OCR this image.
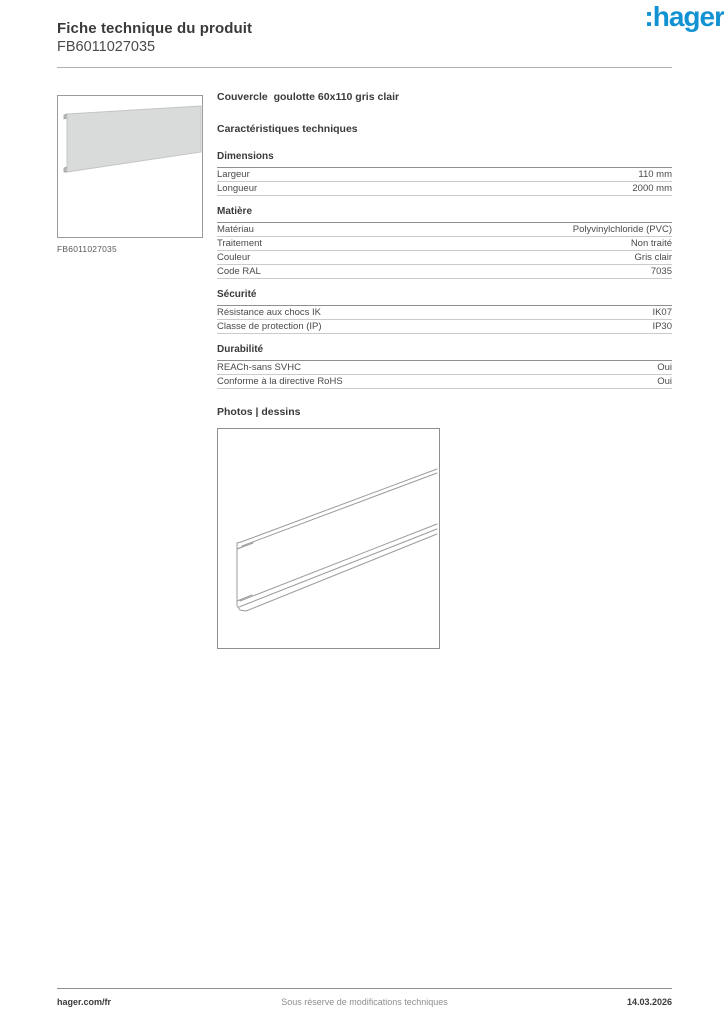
Fiche technique du produit
FB6011027035
:hager
FB6011027035
Couvercle  goulotte 60x110 gris clair
Caractéristiques techniques
Dimensions
Largeur	110 mm
Longueur	2000 mm
Matière
Matériau	Polyvinylchloride (PVC)
Traitement	Non traité
Couleur	Gris clair
Code RAL	7035
Sécurité
Résistance aux chocs IK	IK07
Classe de protection (IP)	IP30
Durabilité
REACh-sans SVHC	Oui
Conforme à la directive RoHS	Oui
Photos | dessins
hager.com/fr	Sous réserve de modifications techniques	14.03.2026
